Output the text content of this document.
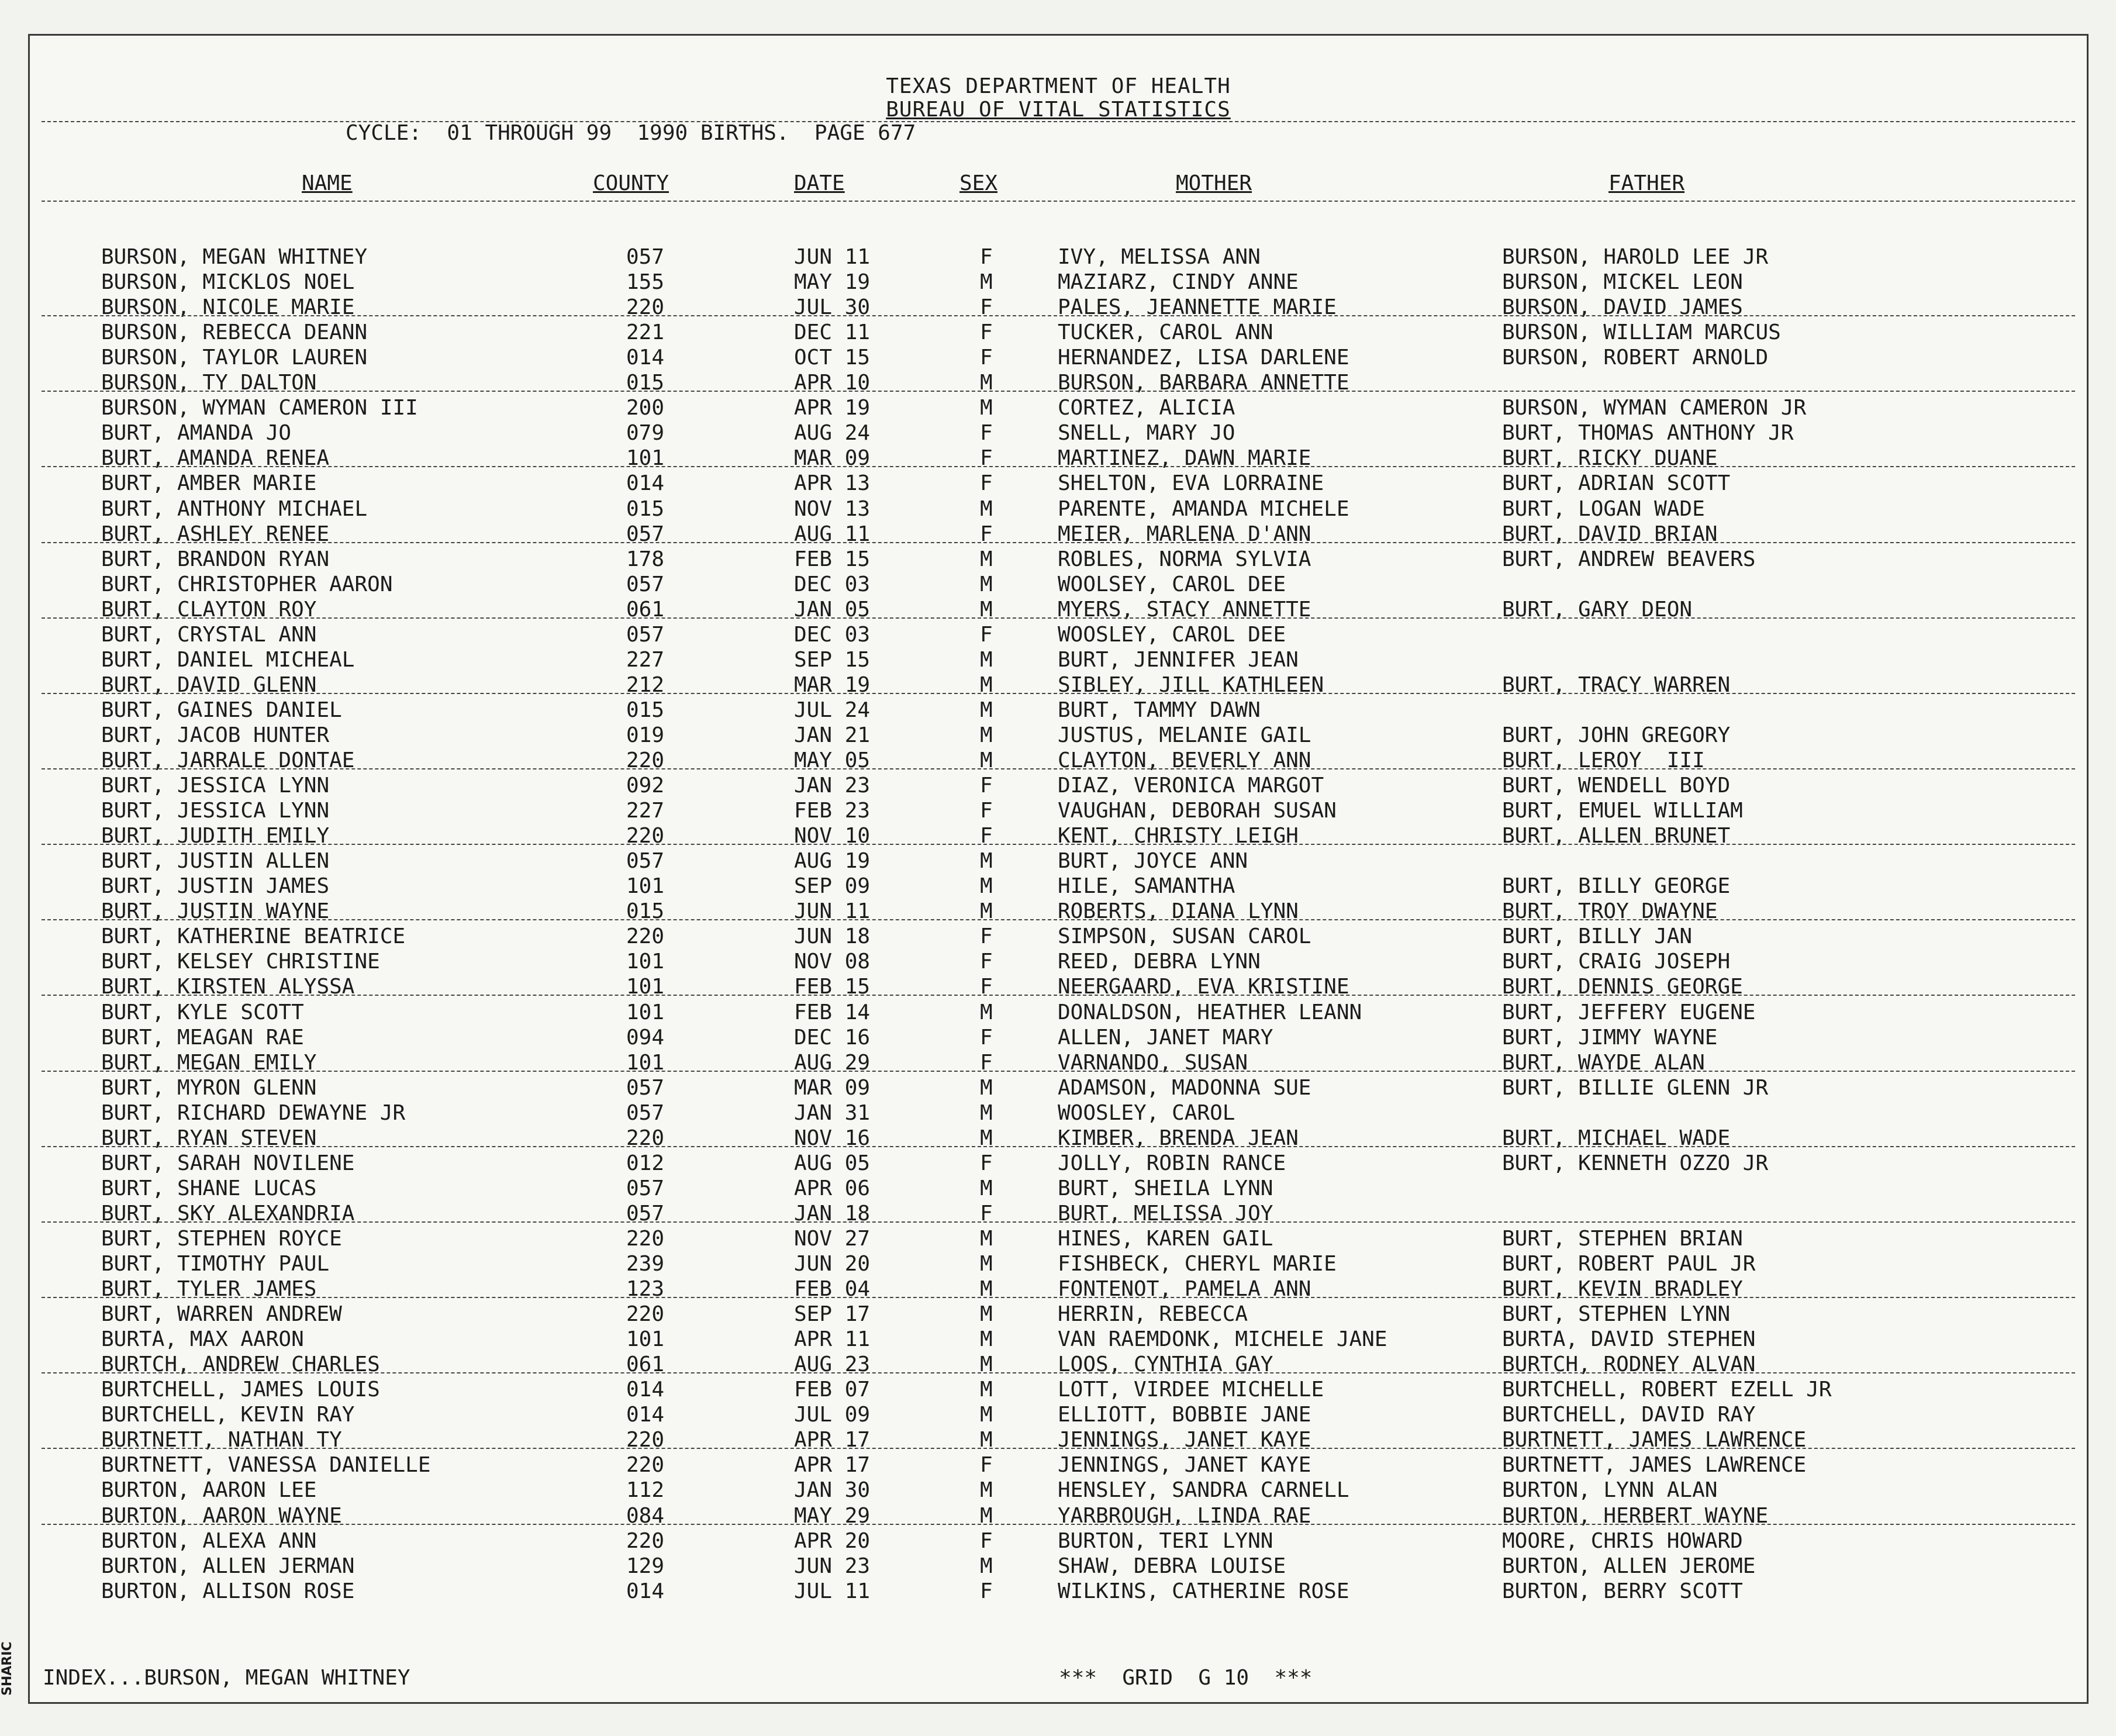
SHARIC
TEXAS DEPARTMENT OF HEALTH
BUREAU OF VITAL STATISTICS
CYCLE:  01 THROUGH 99  1990 BIRTHS.  PAGE 677
NAME	COUNTY	DATE	SEX	MOTHER	FATHER
BURSON, MEGAN WHITNEY	057	JUN 11	F	IVY, MELISSA ANN	BURSON, HAROLD LEE JR
BURSON, MICKLOS NOEL	155	MAY 19	M	MAZIARZ, CINDY ANNE	BURSON, MICKEL LEON
BURSON, NICOLE MARIE	220	JUL 30	F	PALES, JEANNETTE MARIE	BURSON, DAVID JAMES
BURSON, REBECCA DEANN	221	DEC 11	F	TUCKER, CAROL ANN	BURSON, WILLIAM MARCUS
BURSON, TAYLOR LAUREN	014	OCT 15	F	HERNANDEZ, LISA DARLENE	BURSON, ROBERT ARNOLD
BURSON, TY DALTON	015	APR 10	M	BURSON, BARBARA ANNETTE
BURSON, WYMAN CAMERON III	200	APR 19	M	CORTEZ, ALICIA	BURSON, WYMAN CAMERON JR
BURT, AMANDA JO	079	AUG 24	F	SNELL, MARY JO	BURT, THOMAS ANTHONY JR
BURT, AMANDA RENEA	101	MAR 09	F	MARTINEZ, DAWN MARIE	BURT, RICKY DUANE
BURT, AMBER MARIE	014	APR 13	F	SHELTON, EVA LORRAINE	BURT, ADRIAN SCOTT
BURT, ANTHONY MICHAEL	015	NOV 13	M	PARENTE, AMANDA MICHELE	BURT, LOGAN WADE
BURT, ASHLEY RENEE	057	AUG 11	F	MEIER, MARLENA D'ANN	BURT, DAVID BRIAN
BURT, BRANDON RYAN	178	FEB 15	M	ROBLES, NORMA SYLVIA	BURT, ANDREW BEAVERS
BURT, CHRISTOPHER AARON	057	DEC 03	M	WOOLSEY, CAROL DEE
BURT, CLAYTON ROY	061	JAN 05	M	MYERS, STACY ANNETTE	BURT, GARY DEON
BURT, CRYSTAL ANN	057	DEC 03	F	WOOSLEY, CAROL DEE
BURT, DANIEL MICHEAL	227	SEP 15	M	BURT, JENNIFER JEAN
BURT, DAVID GLENN	212	MAR 19	M	SIBLEY, JILL KATHLEEN	BURT, TRACY WARREN
BURT, GAINES DANIEL	015	JUL 24	M	BURT, TAMMY DAWN
BURT, JACOB HUNTER	019	JAN 21	M	JUSTUS, MELANIE GAIL	BURT, JOHN GREGORY
BURT, JARRALE DONTAE	220	MAY 05	M	CLAYTON, BEVERLY ANN	BURT, LEROY  III
BURT, JESSICA LYNN	092	JAN 23	F	DIAZ, VERONICA MARGOT	BURT, WENDELL BOYD
BURT, JESSICA LYNN	227	FEB 23	F	VAUGHAN, DEBORAH SUSAN	BURT, EMUEL WILLIAM
BURT, JUDITH EMILY	220	NOV 10	F	KENT, CHRISTY LEIGH	BURT, ALLEN BRUNET
BURT, JUSTIN ALLEN	057	AUG 19	M	BURT, JOYCE ANN
BURT, JUSTIN JAMES	101	SEP 09	M	HILE, SAMANTHA	BURT, BILLY GEORGE
BURT, JUSTIN WAYNE	015	JUN 11	M	ROBERTS, DIANA LYNN	BURT, TROY DWAYNE
BURT, KATHERINE BEATRICE	220	JUN 18	F	SIMPSON, SUSAN CAROL	BURT, BILLY JAN
BURT, KELSEY CHRISTINE	101	NOV 08	F	REED, DEBRA LYNN	BURT, CRAIG JOSEPH
BURT, KIRSTEN ALYSSA	101	FEB 15	F	NEERGAARD, EVA KRISTINE	BURT, DENNIS GEORGE
BURT, KYLE SCOTT	101	FEB 14	M	DONALDSON, HEATHER LEANN	BURT, JEFFERY EUGENE
BURT, MEAGAN RAE	094	DEC 16	F	ALLEN, JANET MARY	BURT, JIMMY WAYNE
BURT, MEGAN EMILY	101	AUG 29	F	VARNANDO, SUSAN	BURT, WAYDE ALAN
BURT, MYRON GLENN	057	MAR 09	M	ADAMSON, MADONNA SUE	BURT, BILLIE GLENN JR
BURT, RICHARD DEWAYNE JR	057	JAN 31	M	WOOSLEY, CAROL
BURT, RYAN STEVEN	220	NOV 16	M	KIMBER, BRENDA JEAN	BURT, MICHAEL WADE
BURT, SARAH NOVILENE	012	AUG 05	F	JOLLY, ROBIN RANCE	BURT, KENNETH OZZO JR
BURT, SHANE LUCAS	057	APR 06	M	BURT, SHEILA LYNN
BURT, SKY ALEXANDRIA	057	JAN 18	F	BURT, MELISSA JOY
BURT, STEPHEN ROYCE	220	NOV 27	M	HINES, KAREN GAIL	BURT, STEPHEN BRIAN
BURT, TIMOTHY PAUL	239	JUN 20	M	FISHBECK, CHERYL MARIE	BURT, ROBERT PAUL JR
BURT, TYLER JAMES	123	FEB 04	M	FONTENOT, PAMELA ANN	BURT, KEVIN BRADLEY
BURT, WARREN ANDREW	220	SEP 17	M	HERRIN, REBECCA	BURT, STEPHEN LYNN
BURTA, MAX AARON	101	APR 11	M	VAN RAEMDONK, MICHELE JANE	BURTA, DAVID STEPHEN
BURTCH, ANDREW CHARLES	061	AUG 23	M	LOOS, CYNTHIA GAY	BURTCH, RODNEY ALVAN
BURTCHELL, JAMES LOUIS	014	FEB 07	M	LOTT, VIRDEE MICHELLE	BURTCHELL, ROBERT EZELL JR
BURTCHELL, KEVIN RAY	014	JUL 09	M	ELLIOTT, BOBBIE JANE	BURTCHELL, DAVID RAY
BURTNETT, NATHAN TY	220	APR 17	M	JENNINGS, JANET KAYE	BURTNETT, JAMES LAWRENCE
BURTNETT, VANESSA DANIELLE	220	APR 17	F	JENNINGS, JANET KAYE	BURTNETT, JAMES LAWRENCE
BURTON, AARON LEE	112	JAN 30	M	HENSLEY, SANDRA CARNELL	BURTON, LYNN ALAN
BURTON, AARON WAYNE	084	MAY 29	M	YARBROUGH, LINDA RAE	BURTON, HERBERT WAYNE
BURTON, ALEXA ANN	220	APR 20	F	BURTON, TERI LYNN	MOORE, CHRIS HOWARD
BURTON, ALLEN JERMAN	129	JUN 23	M	SHAW, DEBRA LOUISE	BURTON, ALLEN JEROME
BURTON, ALLISON ROSE	014	JUL 11	F	WILKINS, CATHERINE ROSE	BURTON, BERRY SCOTT
INDEX...BURSON, MEGAN WHITNEY	***  GRID  G 10  ***
